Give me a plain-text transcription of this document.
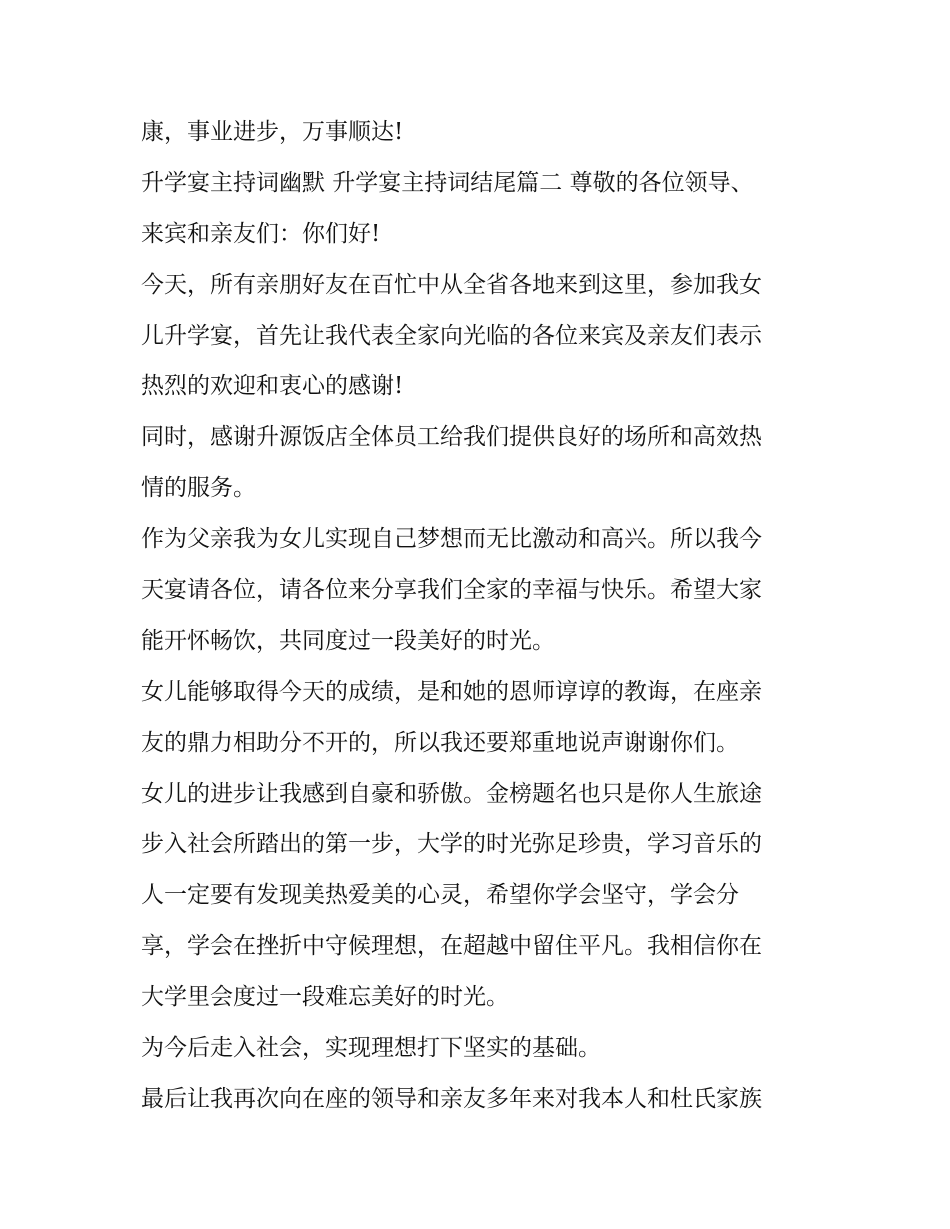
康，事业进步，万事顺达!
升学宴主持词幽默 升学宴主持词结尾篇二 尊敬的各位领导、
来宾和亲友们：你们好!
今天，所有亲朋好友在百忙中从全省各地来到这里，参加我女
儿升学宴，首先让我代表全家向光临的各位来宾及亲友们表示
热烈的欢迎和衷心的感谢!
同时，感谢升源饭店全体员工给我们提供良好的场所和高效热
情的服务。
作为父亲我为女儿实现自己梦想而无比激动和高兴。所以我今
天宴请各位，请各位来分享我们全家的幸福与快乐。希望大家
能开怀畅饮，共同度过一段美好的时光。
女儿能够取得今天的成绩，是和她的恩师谆谆的教诲，在座亲
友的鼎力相助分不开的，所以我还要郑重地说声谢谢你们。
女儿的进步让我感到自豪和骄傲。金榜题名也只是你人生旅途
步入社会所踏出的第一步，大学的时光弥足珍贵，学习音乐的
人一定要有发现美热爱美的心灵，希望你学会坚守，学会分
享，学会在挫折中守候理想，在超越中留住平凡。我相信你在
大学里会度过一段难忘美好的时光。
为今后走入社会，实现理想打下坚实的基础。
最后让我再次向在座的领导和亲友多年来对我本人和杜氏家族
